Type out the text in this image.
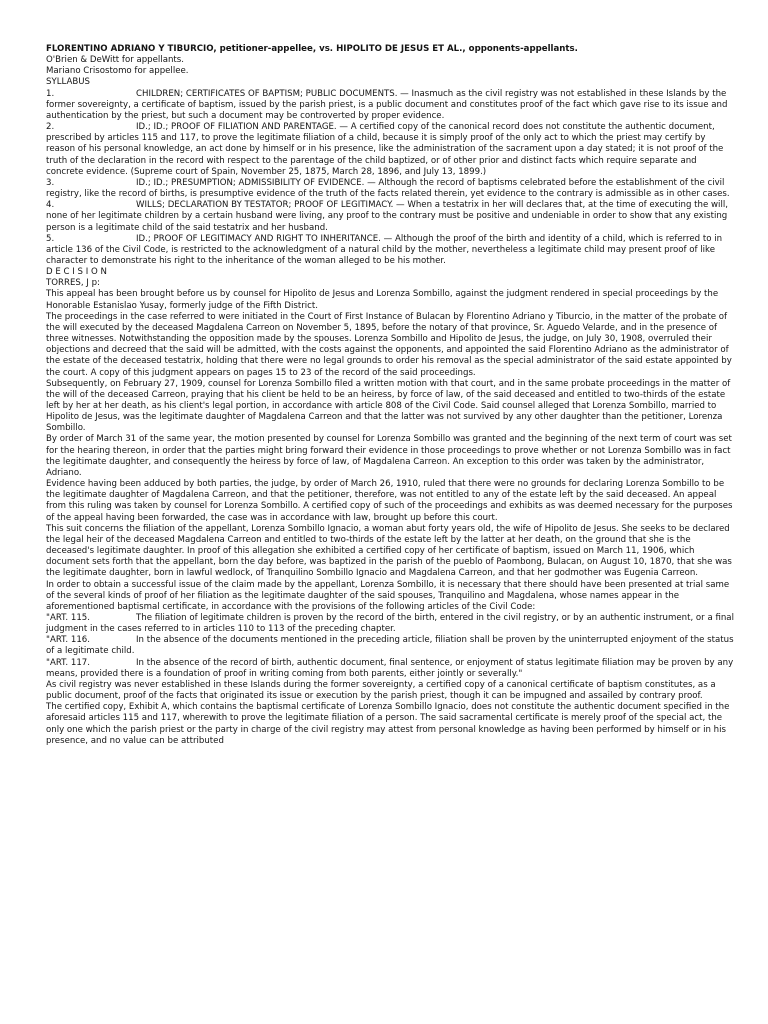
FLORENTINO ADRIANO Y TIBURCIO, petitioner-appellee, vs. HIPOLITO DE JESUS ET AL., opponents-appellants.

O'Brien & DeWitt for appellants.

Mariano Crisostomo for appellee.

SYLLABUS

1.	CHILDREN; CERTIFICATES OF BAPTISM; PUBLIC DOCUMENTS. — Inasmuch as the civil registry was not established in these Islands by the former sovereignty, a certificate of baptism, issued by the parish priest, is a public document and constitutes proof of the fact which gave rise to its issue and authentication by the priest, but such a document may be controverted by proper evidence.

2.	ID.; ID.; PROOF OF FILIATION AND PARENTAGE. — A certified copy of the canonical record does not constitute the authentic document, prescribed by articles 115 and 117, to prove the legitimate filiation of a child, because it is simply proof of the only act to which the priest may certify by reason of his personal knowledge, an act done by himself or in his presence, like the administration of the sacrament upon a day stated; it is not proof of the truth of the declaration in the record with respect to the parentage of the child baptized, or of other prior and distinct facts which require separate and concrete evidence. (Supreme court of Spain, November 25, 1875, March 28, 1896, and July 13, 1899.)

3.	ID.; ID.; PRESUMPTION; ADMISSIBILITY OF EVIDENCE. — Although the record of baptisms celebrated before the establishment of the civil registry, like the record of births, is presumptive evidence of the truth of the facts related therein, yet evidence to the contrary is admissible as in other cases.

4.	WILLS; DECLARATION BY TESTATOR; PROOF OF LEGITIMACY. — When a testatrix in her will declares that, at the time of executing the will, none of her legitimate children by a certain husband were living, any proof to the contrary must be positive and undeniable in order to show that any existing person is a legitimate child of the said testatrix and her husband.

5.	ID.; PROOF OF LEGITIMACY AND RIGHT TO INHERITANCE. — Although the proof of the birth and identity of a child, which is referred to in article 136 of the Civil Code, is restricted to the acknowledgment of a natural child by the mother, nevertheless a legitimate child may present proof of like character to demonstrate his right to the inheritance of the woman alleged to be his mother.

D E C I S I O N

TORRES, J p:

This appeal has been brought before us by counsel for Hipolito de Jesus and Lorenza Sombillo, against the judgment rendered in special proceedings by the Honorable Estanislao Yusay, formerly judge of the Fifth District.

The proceedings in the case referred to were initiated in the Court of First Instance of Bulacan by Florentino Adriano y Tiburcio, in the matter of the probate of the will executed by the deceased Magdalena Carreon on November 5, 1895, before the notary of that province, Sr. Aguedo Velarde, and in the presence of three witnesses. Notwithstanding the opposition made by the spouses. Lorenza Sombillo and Hipolito de Jesus, the judge, on July 30, 1908, overruled their objections and decreed that the said will be admitted, with the costs against the opponents, and appointed the said Florentino Adriano as the administrator of the estate of the deceased testatrix, holding that there were no legal grounds to order his removal as the special administrator of the said estate appointed by the court. A copy of this judgment appears on pages 15 to 23 of the record of the said proceedings.

Subsequently, on February 27, 1909, counsel for Lorenza Sombillo filed a written motion with that court, and in the same probate proceedings in the matter of the will of the deceased Carreon, praying that his client be held to be an heiress, by force of law, of the said deceased and entitled to two-thirds of the estate left by her at her death, as his client's legal portion, in accordance with article 808 of the Civil Code. Said counsel alleged that Lorenza Sombillo, married to Hipolito de Jesus, was the legitimate daughter of Magdalena Carreon and that the latter was not survived by any other daughter than the petitioner, Lorenza Sombillo.

By order of March 31 of the same year, the motion presented by counsel for Lorenza Sombillo was granted and the beginning of the next term of court was set for the hearing thereon, in order that the parties might bring forward their evidence in those proceedings to prove whether or not Lorenza Sombillo was in fact the legitimate daughter, and consequently the heiress by force of law, of Magdalena Carreon. An exception to this order was taken by the administrator, Adriano.

Evidence having been adduced by both parties, the judge, by order of March 26, 1910, ruled that there were no grounds for declaring Lorenza Sombillo to be the legitimate daughter of Magdalena Carreon, and that the petitioner, therefore, was not entitled to any of the estate left by the said deceased. An appeal from this ruling was taken by counsel for Lorenza Sombillo. A certified copy of such of the proceedings and exhibits as was deemed necessary for the purposes of the appeal having been forwarded, the case was in accordance with law, brought up before this court.

This suit concerns the filiation of the appellant, Lorenza Sombillo Ignacio, a woman abut forty years old, the wife of Hipolito de Jesus. She seeks to be declared the legal heir of the deceased Magdalena Carreon and entitled to two-thirds of the estate left by the latter at her death, on the ground that she is the deceased's legitimate daughter. In proof of this allegation she exhibited a certified copy of her certificate of baptism, issued on March 11, 1906, which document sets forth that the appellant, born the day before, was baptized in the parish of the pueblo of Paombong, Bulacan, on August 10, 1870, that she was the legitimate daughter, born in lawful wedlock, of Tranquilino Sombillo Ignacio and Magdalena Carreon, and that her godmother was Eugenia Carreon.

In order to obtain a successful issue of the claim made by the appellant, Lorenza Sombillo, it is necessary that there should have been presented at trial same of the several kinds of proof of her filiation as the legitimate daughter of the said spouses, Tranquilino and Magdalena, whose names appear in the aforementioned baptismal certificate, in accordance with the provisions of the following articles of the Civil Code:

"ART. 115.	The filiation of legitimate children is proven by the record of the birth, entered in the civil registry, or by an authentic instrument, or a final judgment in the cases referred to in articles 110 to 113 of the preceding chapter.

"ART. 116.	In the absence of the documents mentioned in the preceding article, filiation shall be proven by the uninterrupted enjoyment of the status of a legitimate child.

"ART. 117.	In the absence of the record of birth, authentic document, final sentence, or enjoyment of status legitimate filiation may be proven by any means, provided there is a foundation of proof in writing coming from both parents, either jointly or severally."

As civil registry was never established in these Islands during the former sovereignty, a certified copy of a canonical certificate of baptism constitutes, as a public document, proof of the facts that originated its issue or execution by the parish priest, though it can be impugned and assailed by contrary proof.

The certified copy, Exhibit A, which contains the baptismal certificate of Lorenza Sombillo Ignacio, does not constitute the authentic document specified in the aforesaid articles 115 and 117, wherewith to prove the legitimate filiation of a person. The said sacramental certificate is merely proof of the special act, the only one which the parish priest or the party in charge of the civil registry may attest from personal knowledge as having been performed by himself or in his presence, and no value can be attributed
